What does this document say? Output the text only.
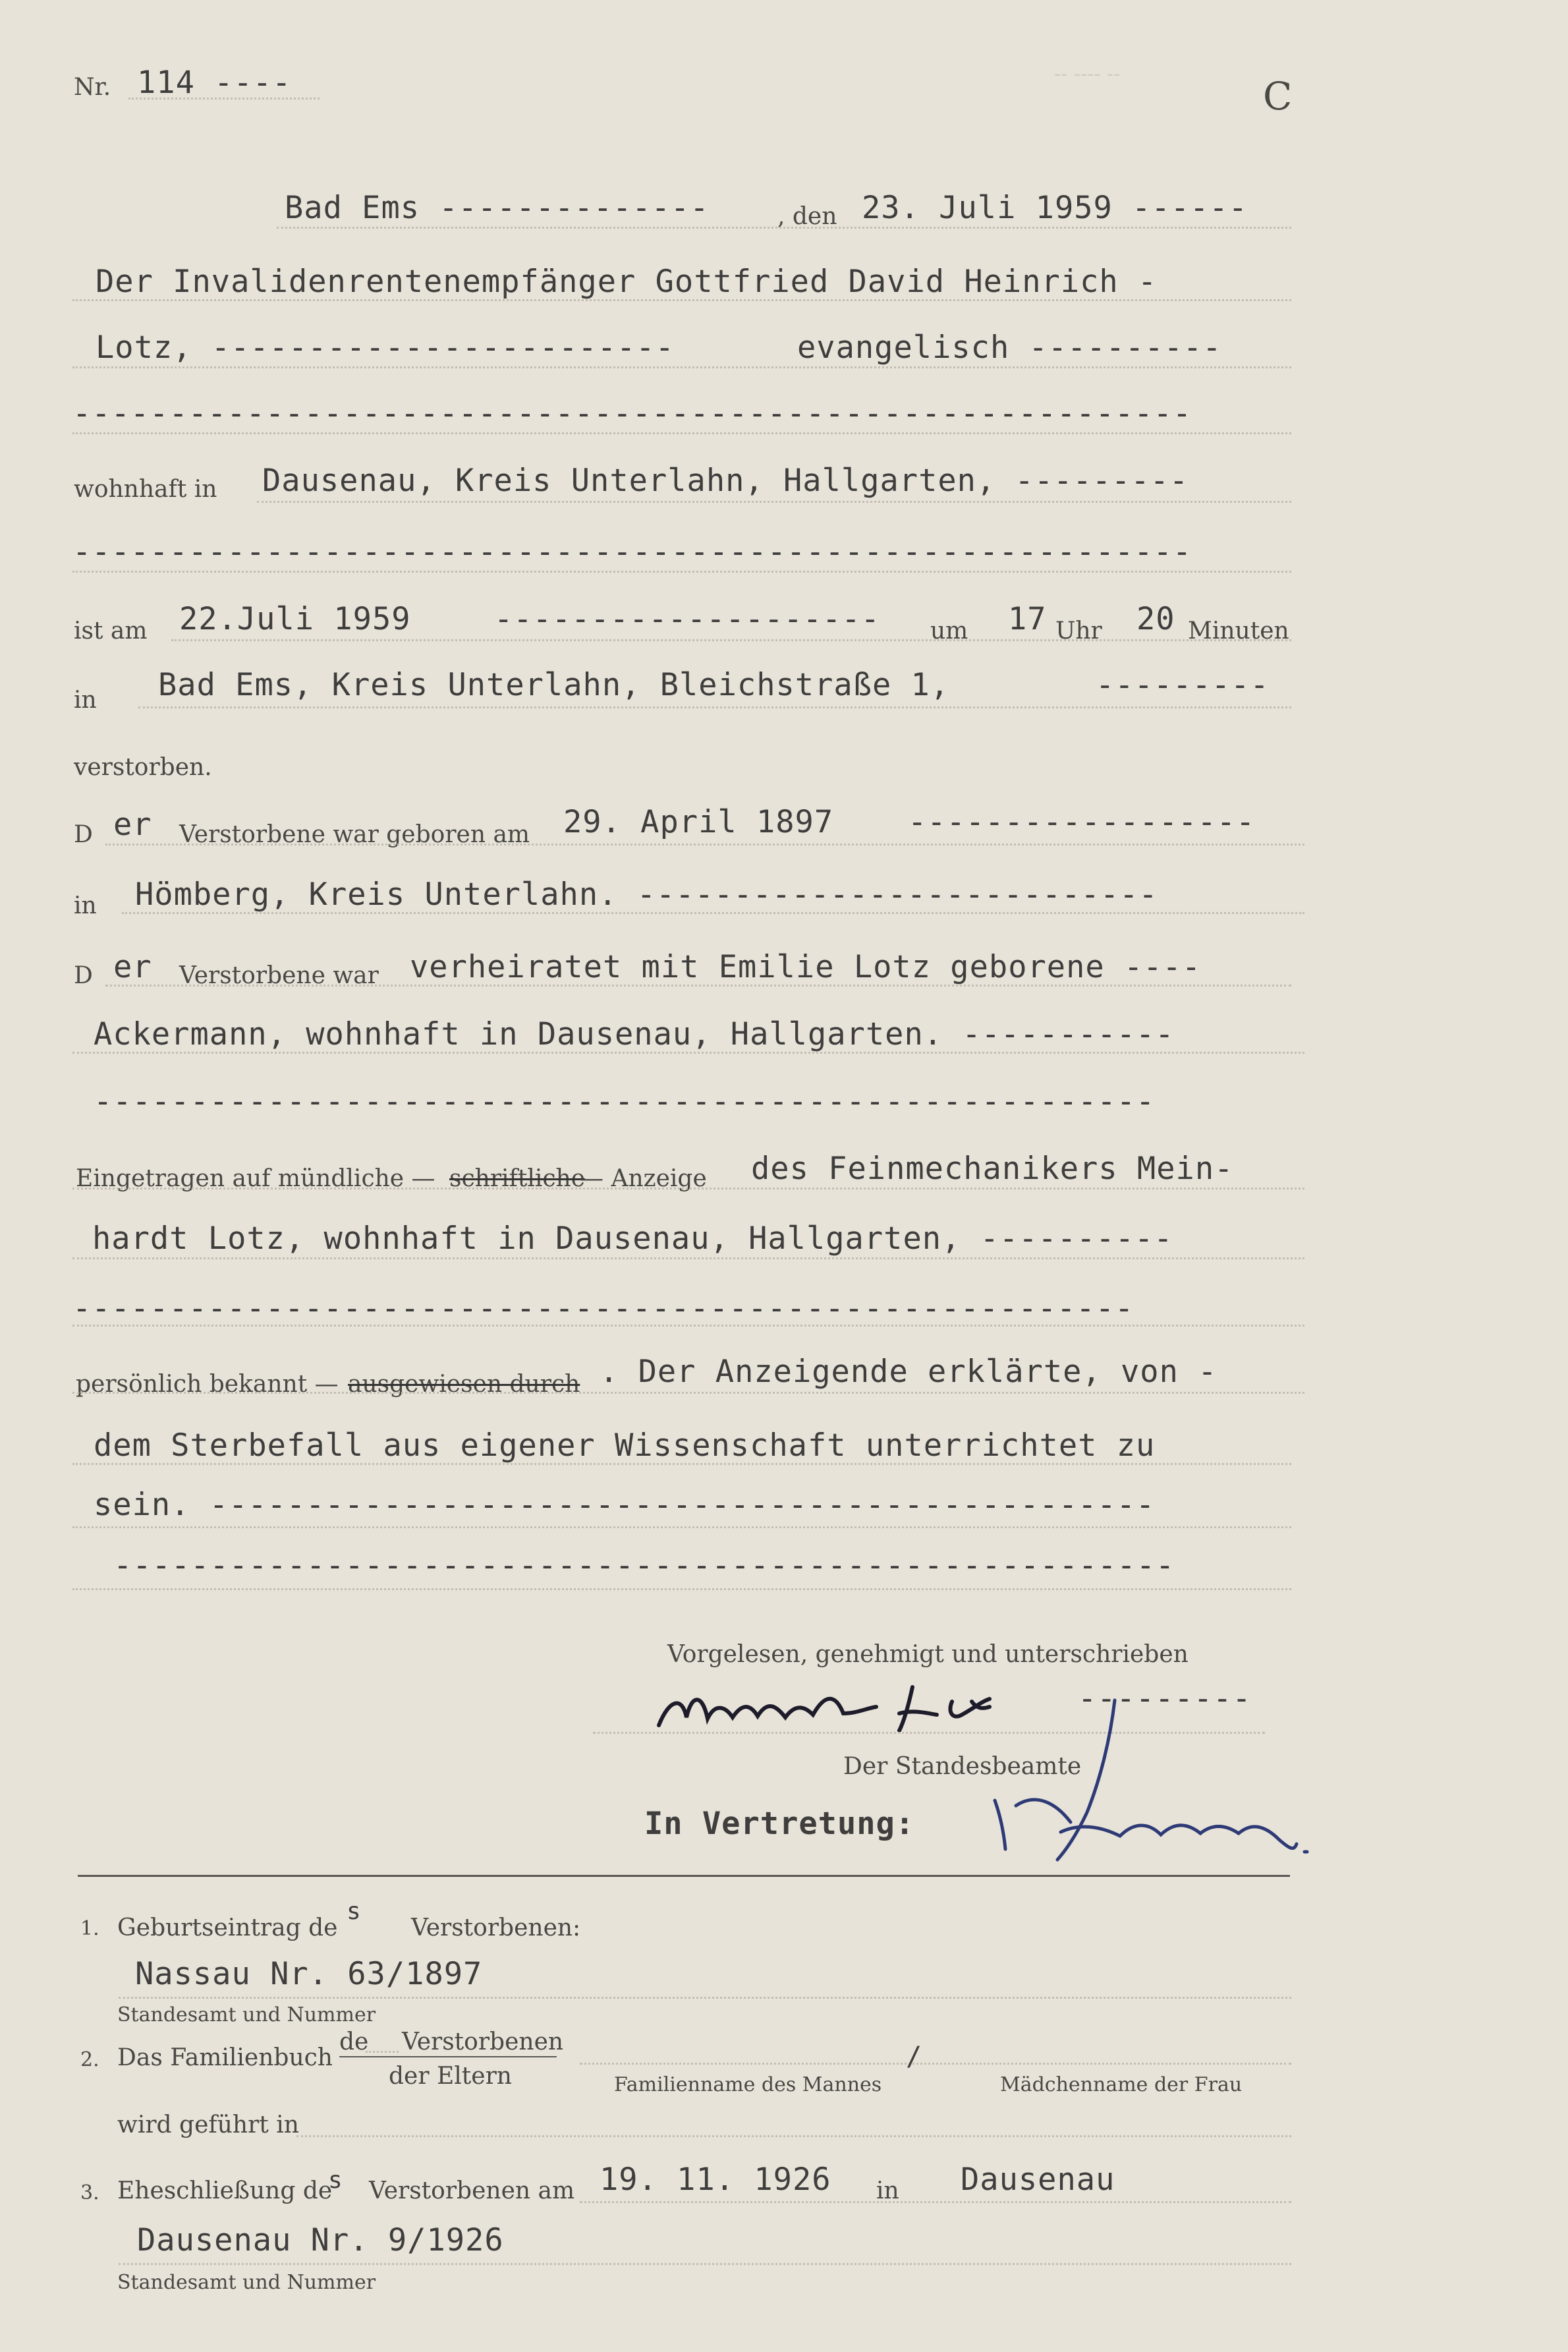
Nr. 114 ----	-- ---- --	C
Bad Ems --------------	, den 23. Juli 1959 ------
Der Invalidenrentenempfänger Gottfried David Heinrich -
Lotz, ------------------------	evangelisch ----------
----------------------------------------------------------
wohnhaft in Dausenau, Kreis Unterlahn, Hallgarten, ---------
----------------------------------------------------------
ist am 22.Juli 1959	-------------------- um 17 Uhr 20 Minuten
in Bad Ems, Kreis Unterlahn, Bleichstraße 1,	---------
verstorben.
D er Verstorbene war geboren am 29. April 1897 ------------------
in Hömberg, Kreis Unterlahn. ---------------------------
D er Verstorbene war verheiratet mit Emilie Lotz geborene ----
Ackermann, wohnhaft in Dausenau, Hallgarten. -----------
-------------------------------------------------------
Eingetragen auf mündliche — schriftliche
— Anzeige des Feinmechanikers Mein-
hardt Lotz, wohnhaft in Dausenau, Hallgarten, ----------
-------------------------------------------------------
persönlich bekannt — ausgewiesen durch . Der Anzeigende erklärte, von -
dem Sterbefall aus eigener Wissenschaft unterrichtet zu
sein. -------------------------------------------------
-------------------------------------------------------
Vorgelesen, genehmigt und unterschrieben
---------
Der Standesbeamte
In Vertretung:
1. Geburtseintrag de
s
Verstorbenen:
Nassau Nr. 63/1897
Standesamt und Nummer
2. Das Familienbuch
de Verstorbenen
der Eltern
/
Familienname des Mannes	Mädchenname der Frau
wird geführt in
3. Eheschließung de
s Verstorbenen am 19. 11. 1926 in Dausenau
Dausenau Nr. 9/1926
Standesamt und Nummer
